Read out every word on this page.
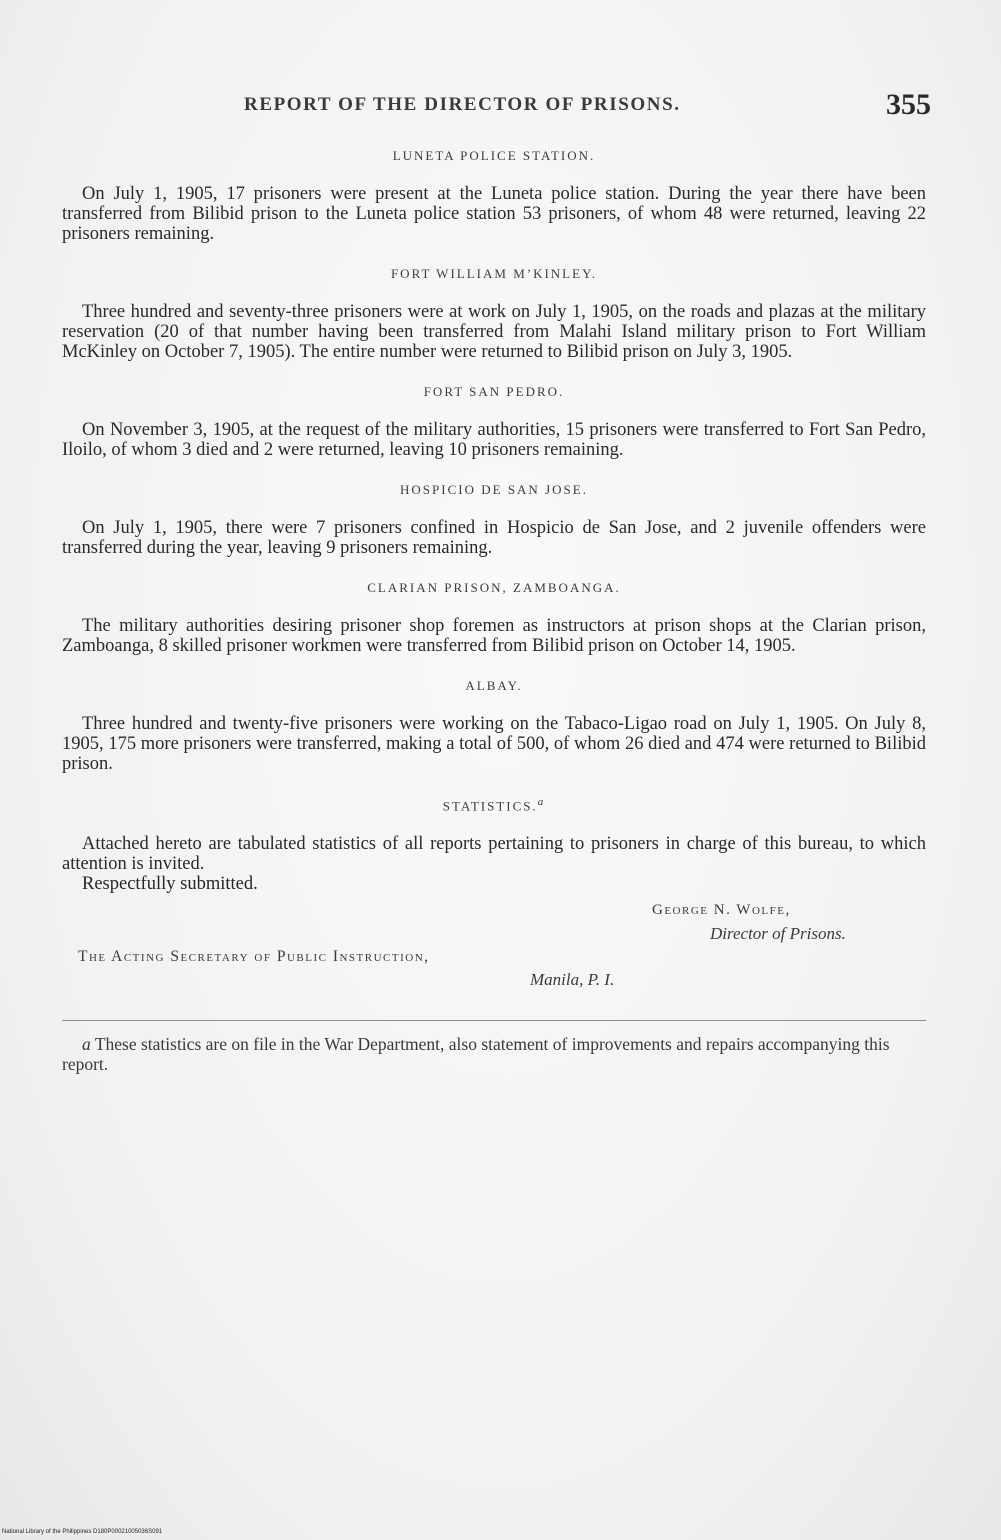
REPORT OF THE DIRECTOR OF PRISONS.	355
LUNETA POLICE STATION.

On July 1, 1905, 17 prisoners were present at the Luneta police station. During the year there have been transferred from Bilibid prison to the Luneta police station 53 prisoners, of whom 48 were returned, leaving 22 prisoners remaining.

FORT WILLIAM M’KINLEY.

Three hundred and seventy-three prisoners were at work on July 1, 1905, on the roads and plazas at the military reservation (20 of that number having been transferred from Malahi Island military prison to Fort William McKinley on October 7, 1905). The entire number were returned to Bilibid prison on July 3, 1905.

FORT SAN PEDRO.

On November 3, 1905, at the request of the military authorities, 15 prisoners were transferred to Fort San Pedro, Iloilo, of whom 3 died and 2 were returned, leaving 10 prisoners remaining.

HOSPICIO DE SAN JOSE.

On July 1, 1905, there were 7 prisoners confined in Hospicio de San Jose, and 2 juvenile offenders were transferred during the year, leaving 9 prisoners remaining.

CLARIAN PRISON, ZAMBOANGA.

The military authorities desiring prisoner shop foremen as instructors at prison shops at the Clarian prison, Zamboanga, 8 skilled prisoner workmen were transferred from Bilibid prison on October 14, 1905.

ALBAY.

Three hundred and twenty-five prisoners were working on the Tabaco-Ligao road on July 1, 1905. On July 8, 1905, 175 more prisoners were transferred, making a total of 500, of whom 26 died and 474 were returned to Bilibid prison.

STATISTICS.$^a$

Attached hereto are tabulated statistics of all reports pertaining to prisoners in charge of this bureau, to which attention is invited.

Respectfully submitted.

George N. Wolfe,
Director of Prisons.
The Acting Secretary of Public Instruction,
Manila, P. I.
a These statistics are on file in the War Department, also statement of improvements and repairs accompanying this report.
National Library of the Philippines D180P00021005036S091
